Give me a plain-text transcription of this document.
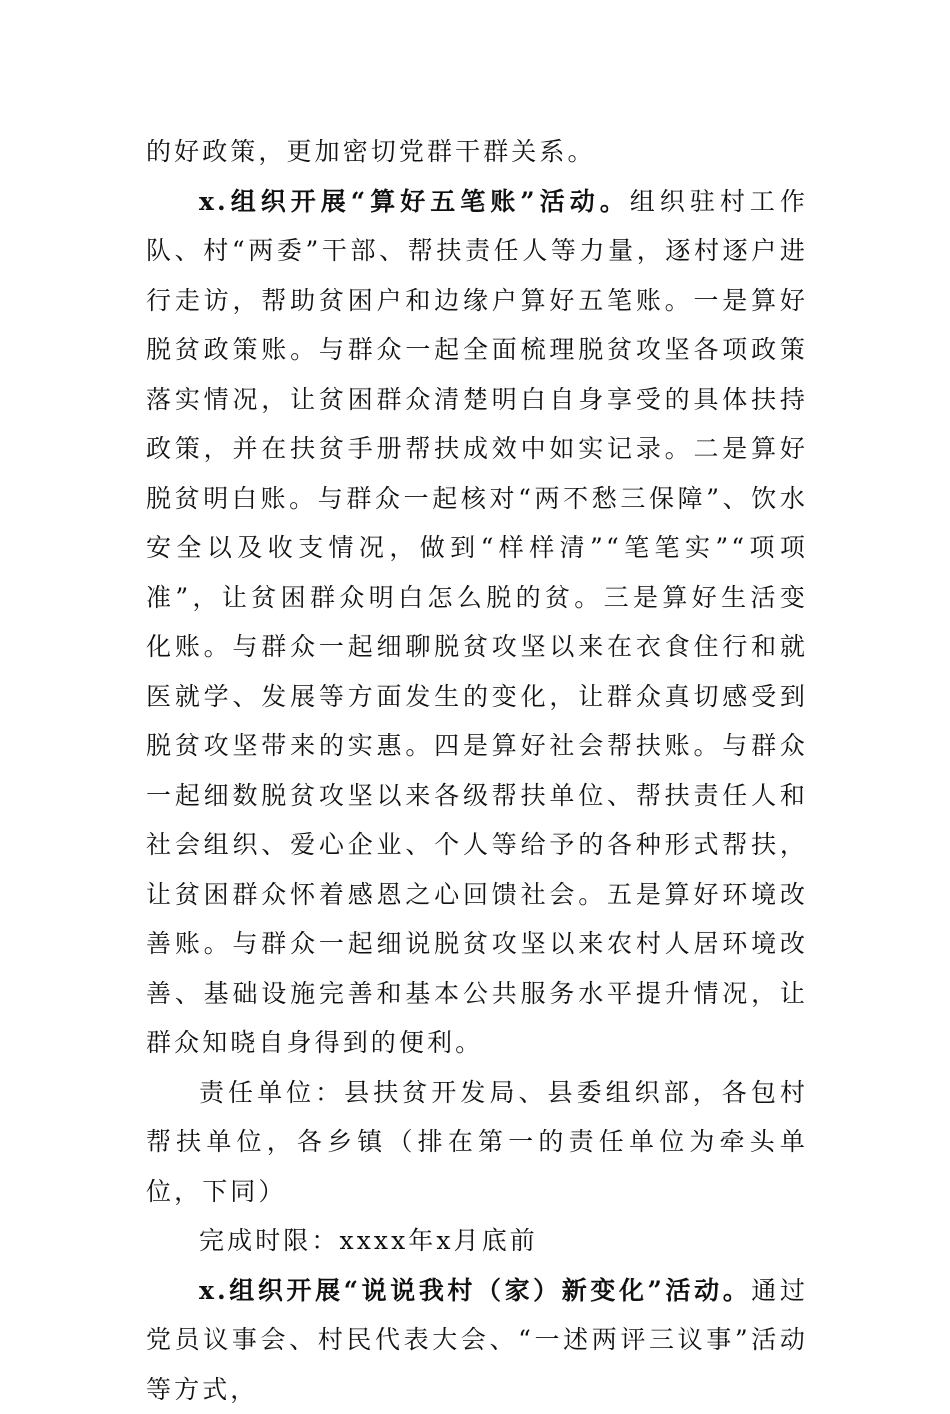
的好政策，更加密切党群干群关系。

x.组织开展“算好五笔账”活动。组织驻村工作队、村“两委”干部、帮扶责任人等力量，逐村逐户进行走访，帮助贫困户和边缘户算好五笔账。一是算好脱贫政策账。与群众一起全面梳理脱贫攻坚各项政策落实情况，让贫困群众清楚明白自身享受的具体扶持政策，并在扶贫手册帮扶成效中如实记录。二是算好脱贫明白账。与群众一起核对“两不愁三保障”、饮水安全以及收支情况，做到“样样清”“笔笔实”“项项准”，让贫困群众明白怎么脱的贫。三是算好生活变化账。与群众一起细聊脱贫攻坚以来在衣食住行和就医就学、发展等方面发生的变化，让群众真切感受到脱贫攻坚带来的实惠。四是算好社会帮扶账。与群众一起细数脱贫攻坚以来各级帮扶单位、帮扶责任人和社会组织、爱心企业、个人等给予的各种形式帮扶，让贫困群众怀着感恩之心回馈社会。五是算好环境改善账。与群众一起细说脱贫攻坚以来农村人居环境改善、基础设施完善和基本公共服务水平提升情况，让群众知晓自身得到的便利。

责任单位：县扶贫开发局、县委组织部，各包村帮扶单位，各乡镇（排在第一的责任单位为牵头单位，下同）

完成时限：xxxx年x月底前

x.组织开展“说说我村（家）新变化”活动。通过党员议事会、村民代表大会、“一述两评三议事”活动等方式，
